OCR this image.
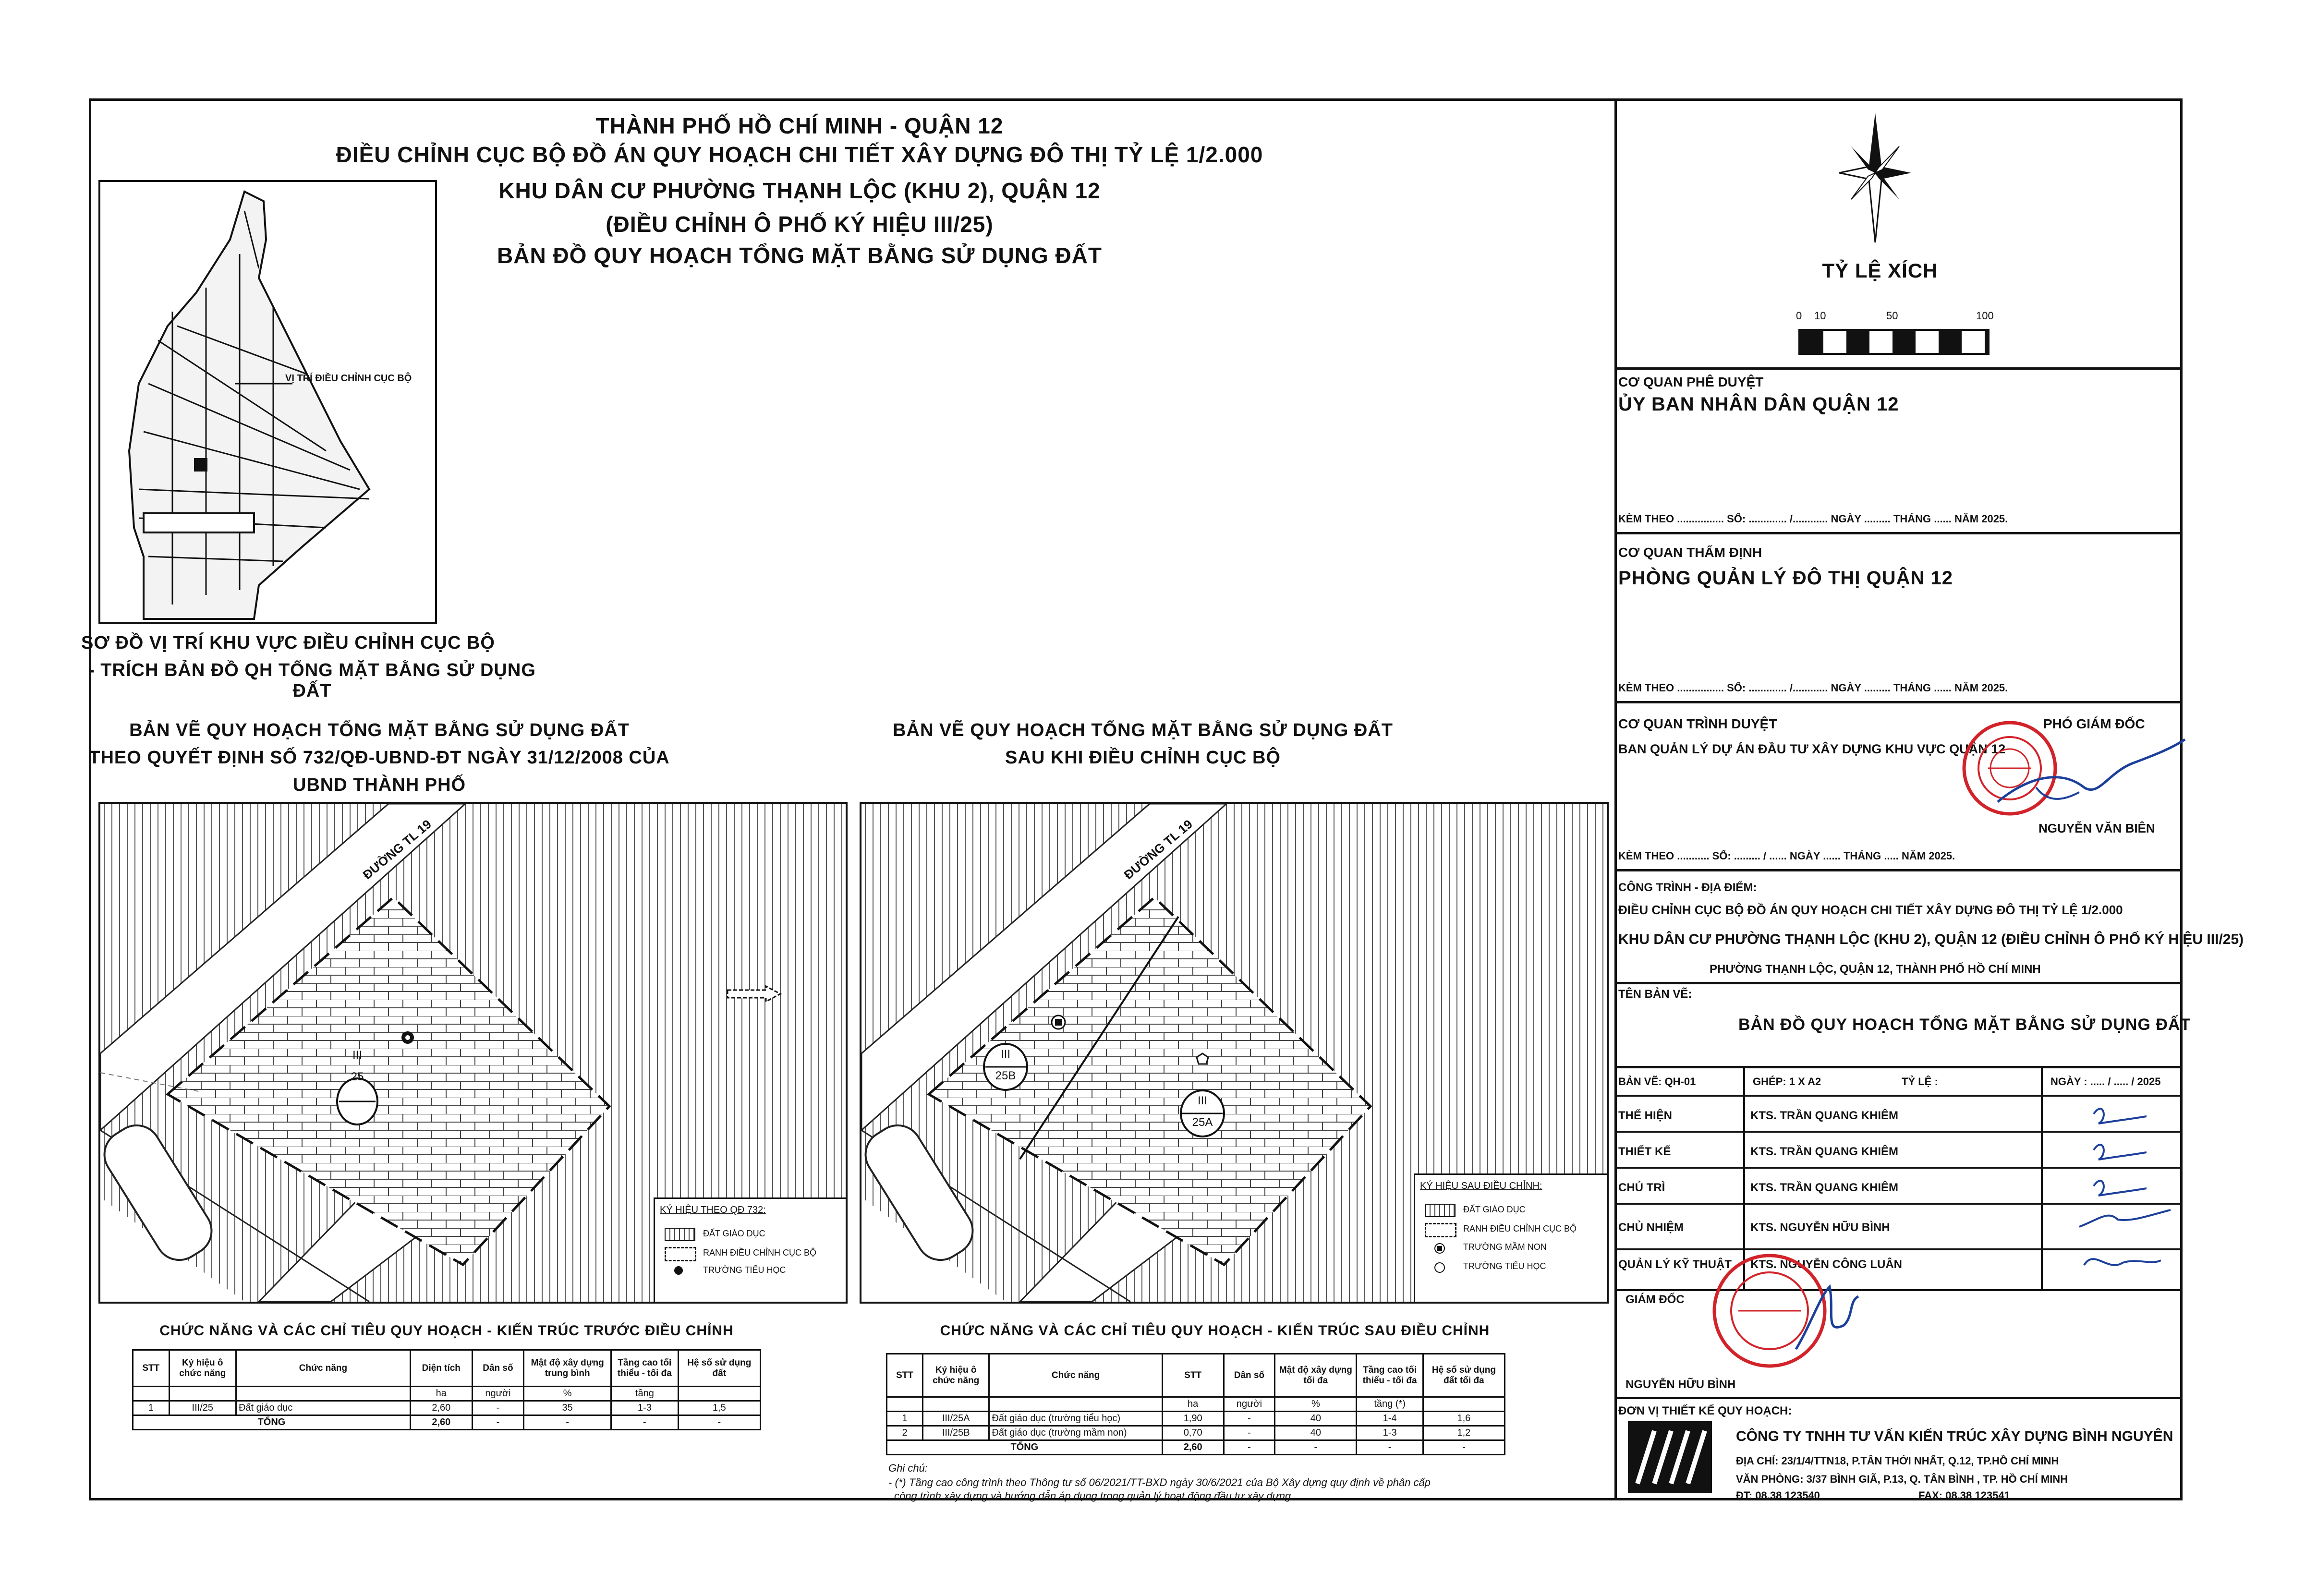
THÀNH PHỐ HỒ CHÍ MINH - QUẬN 12
ĐIỀU CHỈNH CỤC BỘ ĐỒ ÁN QUY HOẠCH CHI TIẾT XÂY DỰNG ĐÔ THỊ TỶ LỆ 1/2.000
KHU DÂN CƯ PHƯỜNG THẠNH LỘC (KHU 2), QUẬN 12
(ĐIỀU CHỈNH Ô PHỐ KÝ HIỆU III/25)
BẢN ĐỒ QUY HOẠCH TỔNG MẶT BẰNG SỬ DỤNG ĐẤT
VỊ TRÍ ĐIỀU CHỈNH CỤC BỘ
SƠ ĐỒ VỊ TRÍ KHU VỰC ĐIỀU CHỈNH CỤC BỘ
- TRÍCH BẢN ĐỒ QH TỔNG MẶT BẰNG SỬ DỤNG ĐẤT
BẢN VẼ QUY HOẠCH TỔNG MẶT BẰNG SỬ DỤNG ĐẤT
THEO QUYẾT ĐỊNH SỐ 732/QĐ-UBND-ĐT NGÀY 31/12/2008 CỦA
UBND THÀNH PHỐ
ĐƯỜNG TL 19
III
25
KÝ HIỆU THEO QĐ 732:
ĐẤT GIÁO DỤC
RANH ĐIỀU CHỈNH CỤC BỘ
TRƯỜNG TIỂU HỌC
BẢN VẼ QUY HOẠCH TỔNG MẶT BẰNG SỬ DỤNG ĐẤT
SAU KHI ĐIỀU CHỈNH CỤC BỘ
ĐƯỜNG TL 19
III
25B
III
25A
KÝ HIỆU SAU ĐIỀU CHỈNH:
ĐẤT GIÁO DỤC
RANH ĐIỀU CHỈNH CỤC BỘ
TRƯỜNG MẦM NON
TRƯỜNG TIỂU HỌC
CHỨC NĂNG VÀ CÁC CHỈ TIÊU QUY HOẠCH - KIẾN TRÚC TRƯỚC ĐIỀU CHỈNH
STT	Ký hiệu ô chức năng	Chức năng	Diện tích	Dân số	Mật độ xây dựng trung bình	Tầng cao tối thiểu - tối đa	Hệ số sử dụng đất
			ha	người	%	tầng	
1	III/25	Đất giáo dục	2,60	-	35	1-3	1,5
TỔNG			2,60	-	-	-	-
CHỨC NĂNG VÀ CÁC CHỈ TIÊU QUY HOẠCH - KIẾN TRÚC SAU ĐIỀU CHỈNH
STT	Ký hiệu ô chức năng	Chức năng	STT	Dân số	Mật độ xây dựng tối đa	Tầng cao tối thiểu - tối đa	Hệ số sử dụng đất tối đa
			ha	người	%	tầng (*)	
1	III/25A	Đất giáo dục (trường tiểu học)	1,90	-	40	1-4	1,6
2	III/25B	Đất giáo dục (trường mầm non)	0,70	-	40	1-3	1,2
TỔNG			2,60	-	-	-	-
Ghi chú:
- (*) Tầng cao công trình theo Thông tư số 06/2021/TT-BXD ngày 30/6/2021 của Bộ Xây dựng quy định về phân cấp
công trình xây dựng và hướng dẫn áp dụng trong quản lý hoạt động đầu tư xây dựng
TỶ LỆ XÍCH
0 10	50	100
CƠ QUAN PHÊ DUYỆT
ỦY BAN NHÂN DÂN QUẬN 12
KÈM THEO ................ SỐ: ............. /............ NGÀY ......... THÁNG ...... NĂM 2025.
CƠ QUAN THẨM ĐỊNH
PHÒNG QUẢN LÝ ĐÔ THỊ QUẬN 12
KÈM THEO ................ SỐ: ............. /............ NGÀY ......... THÁNG ...... NĂM 2025.
CƠ QUAN TRÌNH DUYỆT	PHÓ GIÁM ĐỐC
BAN QUẢN LÝ DỰ ÁN ĐẦU TƯ XÂY DỰNG KHU VỰC QUẬN 12
NGUYỄN VĂN BIÊN
KÈM THEO ........... SỐ: ......... / ...... NGÀY ...... THÁNG ..... NĂM 2025.
CÔNG TRÌNH - ĐỊA ĐIỂM:
ĐIỀU CHỈNH CỤC BỘ ĐỒ ÁN QUY HOẠCH CHI TIẾT XÂY DỰNG ĐÔ THỊ TỶ LỆ 1/2.000
KHU DÂN CƯ PHƯỜNG THẠNH LỘC (KHU 2), QUẬN 12 (ĐIỀU CHỈNH Ô PHỐ KÝ HIỆU III/25)
PHƯỜNG THẠNH LỘC, QUẬN 12, THÀNH PHỐ HỒ CHÍ MINH
TÊN BẢN VẼ:
BẢN ĐỒ QUY HOẠCH TỔNG MẶT BẰNG SỬ DỤNG ĐẤT
BẢN VẼ: QH-01	GHÉP: 1 X A2	TỶ LỆ :	NGÀY : ..... / ..... / 2025
THỂ HIỆN	KTS. TRẦN QUANG KHIÊM
THIẾT KẾ	KTS. TRẦN QUANG KHIÊM
CHỦ TRÌ	KTS. TRẦN QUANG KHIÊM
CHỦ NHIỆM	KTS. NGUYỄN HỮU BÌNH
QUẢN LÝ KỸ THUẬT KTS. NGUYỄN CÔNG LUÂN
GIÁM ĐỐC
NGUYỄN HỮU BÌNH
ĐƠN VỊ THIẾT KẾ QUY HOẠCH:
CÔNG TY TNHH TƯ VẤN KIẾN TRÚC XÂY DỰNG BÌNH NGUYÊN
ĐỊA CHỈ: 23/1/4/TTN18, P.TÂN THỚI NHẤT, Q.12, TP.HỒ CHÍ MINH
VĂN PHÒNG: 3/37 BÌNH GIÃ, P.13, Q. TÂN BÌNH , TP. HỒ CHÍ MINH
ĐT: 08.38 123540	FAX: 08.38 123541
